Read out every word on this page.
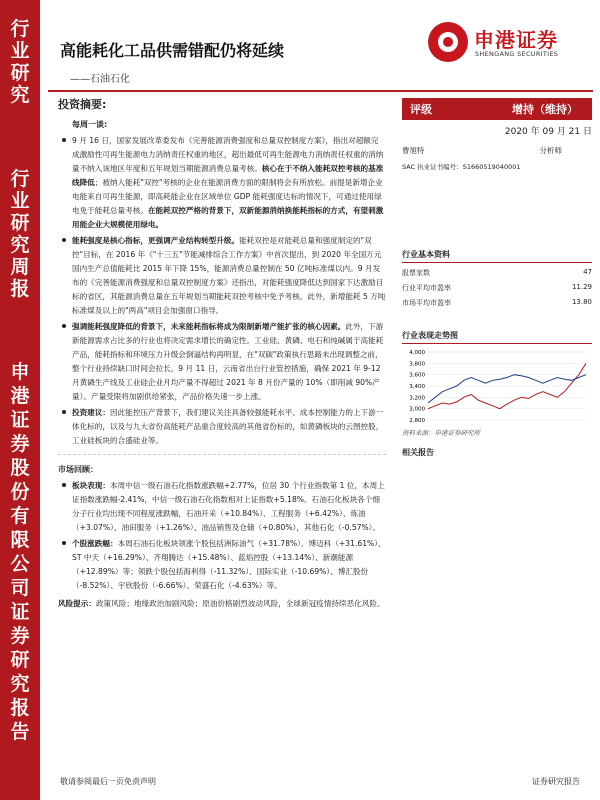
行
业
研
究
行
业
研
究
周
报
申
港
证
券
股
份
有
限
公
司
证
券
研
究
报
告
高能耗化工品供需错配仍将延续
——石油石化
申港证券
SHENGANG SECURITIES
投资摘要:
每周一谈:
9 月 16 日，国家发展改革委发布《完善能源消费强度和总量双控制度方案》，指出对超额完成激励性可再生能源电力消纳责任权重的地区，超出最低可再生能源电力消纳责任权重的消纳量不纳入该地区年度和五年规划当期能源消费总量考核。核心在于不纳入能耗双控考核的基准线降低；被纳入能耗"双控"考核的企业在能源消费方面的限制将会有所放松。前提是新增企业电能来自可再生能源，即高耗能企业在区域单位 GDP 能耗强度达标的情况下，可通过使用绿电免于能耗总量考核。在能耗双控严格的背景下，双新能源消纳换能耗指标的方式，有望刺激用能企业大规模使用绿电。
能耗强度是核心指标，更强调产业结构转型升级。能耗双控是对能耗总量和强度制定的"双控"目标，在 2016 年《"十三五"节能减排综合工作方案》中首次提出，到 2020 年全国万元国内生产总值能耗比 2015 年下降 15%，能源消费总量控制在 50 亿吨标准煤以内。9 月发布的《完善能源消费强度和总量双控制度方案》还指出，对能耗强度降低达到国家下达激励目标的省区，其能源消费总量在五年规划当期能耗双控考核中免予考核。此外，新增能耗 5 万吨标准煤及以上的"两高"项目会加强窗口指导。
强调能耗强度降低的背景下，未来能耗指标将成为限制新增产能扩张的核心因素。此外，下游新能源需求占比多的行业也将决定需求增长的确定性。工业硅、黄磷、电石和纯碱属于高能耗产品，能耗指标和环境压力升级会倒逼结构再明显，在"双碳"政策执行思路未出现调整之前，整个行业持续缺口时间会拉长，9 月 11 日，云南省出台行业管控措施，确保 2021 年 9-12 月黄磷生产线及工业硅企业月均产量不得超过 2021 年 8 月份产量的 10%（即削减 90%产量）。产量受限将加剧供给紧张，产品价格失速一步上涨。
投资建议：因此能控压产背景下，我们建议关注具备较强能耗水平、成本控制能力的上下游一体化标的，以及与九大省份高能耗产品重合度较高的其他省份标的，如黄磷板块的云图控股，工业硅板块的合盛硅业等。
市场回顾：
板块表现：本周中信一级石油石化指数涨跌幅+2.77%，位居 30 个行业指数第 1 位，本周上证指数涨跌幅-2.41%，中信一级石油石化指数相对上证指数+5.18%。石油石化板块各个细分子行业均出现不同程度涨跌幅，石油开采（+10.84%）、工程服务（+6.42%）、炼油（+3.07%）、油田服务（+1.26%）、油品销售及仓储（+0.80%），其他石化（-0.57%）。
个股涨跌幅：本周石油石化板块领涨个股包括洲际油气（+31.78%）、博迈科（+31.61%）、ST 中天（+16.29%）、齐翔腾达（+15.48%）、蓝焰控股（+13.14%）、新潮能源（+12.89%）等；领跌个股包括海利得（-11.32%）、国际实业（-10.69%）、博汇股份（-8.52%）、宇欣股份（-6.66%）、荣盛石化（-4.63%）等。
风险提示：政策风险；地缘政治加剧风险；原油价格剧烈波动风险，全球新冠疫情持续恶化风险。
评级	增持（维持）
2020 年 09 月 21 日
曹旭特	分析师
SAC 执业证书编号：S1660519040001
行业基本资料
股票家数	47
行业平均市盈率	11.29
市场平均市盈率	13.80
行业表现走势图
4,000
3,800
3,600
3,400
3,200
3,000
2,800
资料来源：申港证券研究所
相关报告
敬请参阅最后一页免责声明	证券研究报告
